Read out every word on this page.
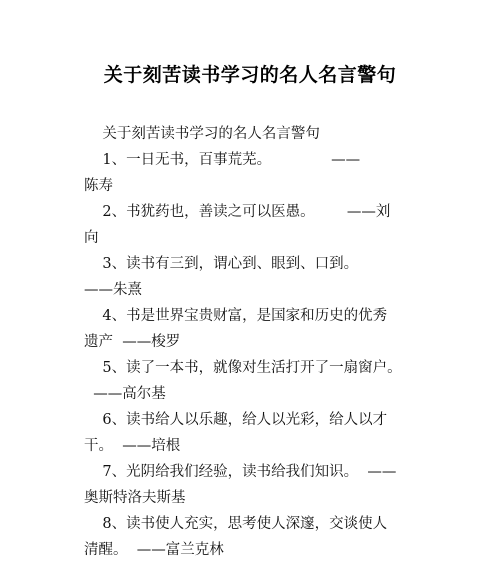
关于刻苦读书学习的名人名言警句
关于刻苦读书学习的名人名言警句
1、一日无书，百事荒芜。             ——
陈寿
2、书犹药也，善读之可以医愚。       ——刘
向
3、读书有三到，谓心到、眼到、口到。
——朱熹
4、书是世界宝贵财富，是国家和历史的优秀
遗产  ——梭罗
5、读了一本书，就像对生活打开了一扇窗户。
——高尔基
6、读书给人以乐趣，给人以光彩，给人以才
干。  ——培根
7、光阴给我们经验，读书给我们知识。  ——
奥斯特洛夫斯基
8、读书使人充实，思考使人深邃，交谈使人
清醒。  ——富兰克林
